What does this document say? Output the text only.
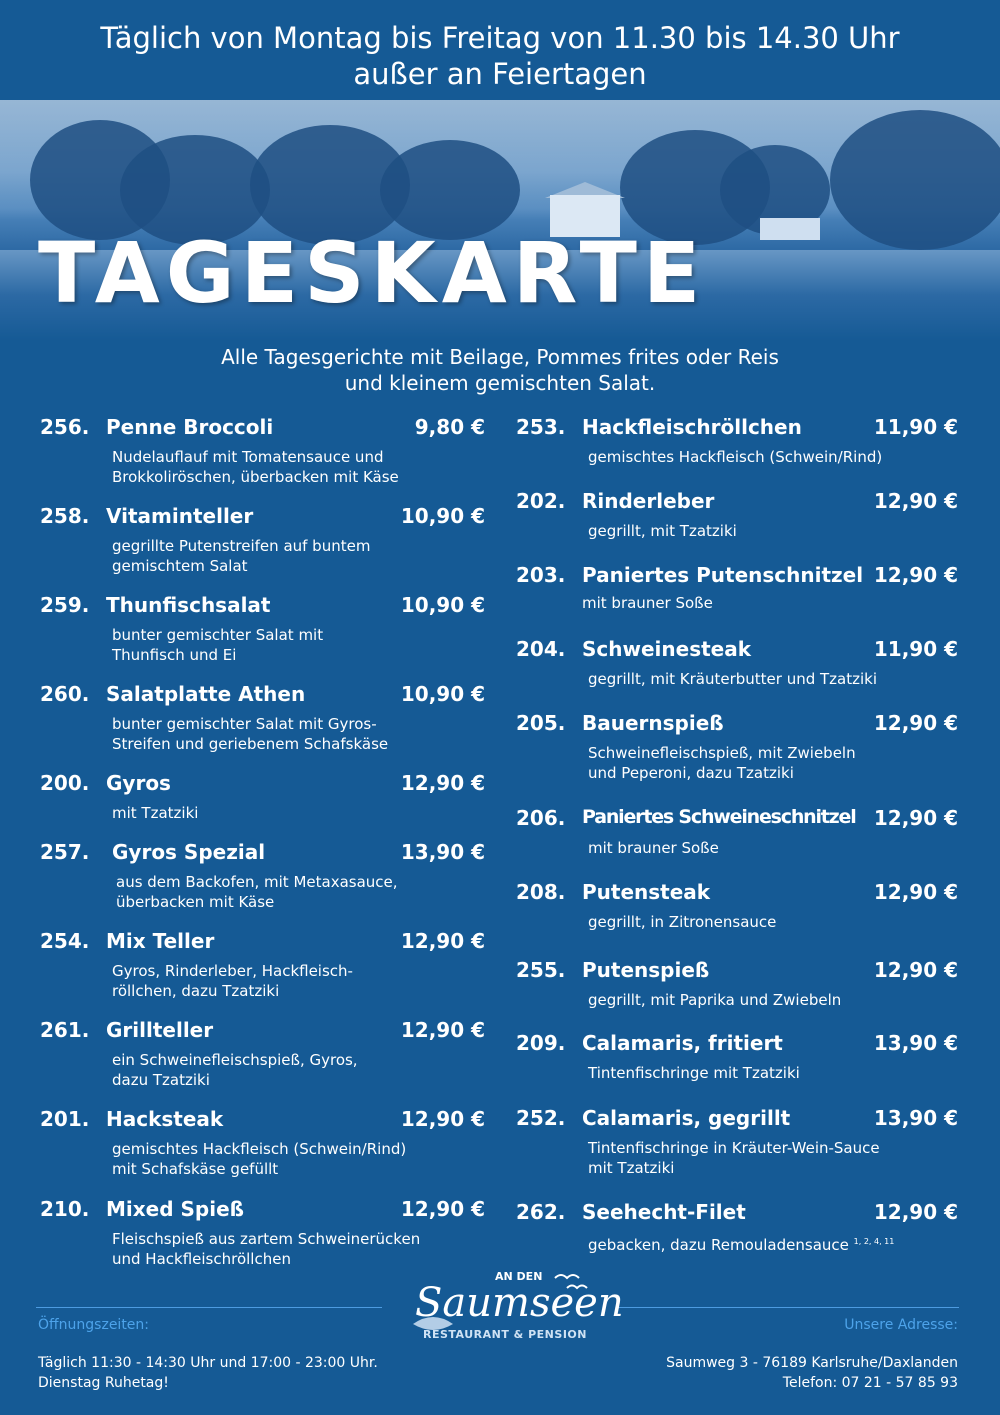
Täglich von Montag bis Freitag von 11.30 bis 14.30 Uhr
außer an Feiertagen
TAGESKARTE
Alle Tagesgerichte mit Beilage, Pommes frites oder Reis
und kleinem gemischten Salat.
256. Penne Broccoli	9,80 €
Nudelauflauf mit Tomatensauce und
Brokkoliröschen, überbacken mit Käse
258. Vitaminteller	10,90 €
gegrillte Putenstreifen auf buntem
gemischtem Salat
259. Thunfischsalat	10,90 €
bunter gemischter Salat mit
Thunfisch und Ei
260. Salatplatte Athen	10,90 €
bunter gemischter Salat mit Gyros-
Streifen und geriebenem Schafskäse
200. Gyros	12,90 €
mit Tzatziki
257. Gyros Spezial	13,90 €
aus dem Backofen, mit Metaxasauce,
überbacken mit Käse
254. Mix Teller	12,90 €
Gyros, Rinderleber, Hackfleisch-
röllchen, dazu Tzatziki
261. Grillteller	12,90 €
ein Schweinefleischspieß, Gyros,
dazu Tzatziki
201. Hacksteak	12,90 €
gemischtes Hackfleisch (Schwein/Rind)
mit Schafskäse gefüllt
210. Mixed Spieß	12,90 €
Fleischspieß aus zartem Schweinerücken
und Hackfleischröllchen
253. Hackfleischröllchen	11,90 €
gemischtes Hackfleisch (Schwein/Rind)
202. Rinderleber	12,90 €
gegrillt, mit Tzatziki
203. Paniertes Putenschnitzel 12,90 €
mit brauner Soße
204. Schweinesteak	11,90 €
gegrillt, mit Kräuterbutter und Tzatziki
205. Bauernspieß	12,90 €
Schweinefleischspieß, mit Zwiebeln
und Peperoni, dazu Tzatziki
206. Paniertes Schweineschnitzel 12,90 €
mit brauner Soße
208. Putensteak	12,90 €
gegrillt, in Zitronensauce
255. Putenspieß	12,90 €
gegrillt, mit Paprika und Zwiebeln
209. Calamaris, fritiert	13,90 €
Tintenfischringe mit Tzatziki
252. Calamaris, gegrillt	13,90 €
Tintenfischringe in Kräuter-Wein-Sauce
mit Tzatziki
262. Seehecht-Filet	12,90 €
gebacken, dazu Remouladensauce $^{1, 2, 4, 11}$
AN DEN
Saumseen
RESTAURANT & PENSION
Öffnungszeiten:	Unsere Adresse:
Täglich 11:30 - 14:30 Uhr und 17:00 - 23:00 Uhr.
Dienstag Ruhetag!
Saumweg 3 - 76189 Karlsruhe/Daxlanden
Telefon: 07 21 - 57 85 93
